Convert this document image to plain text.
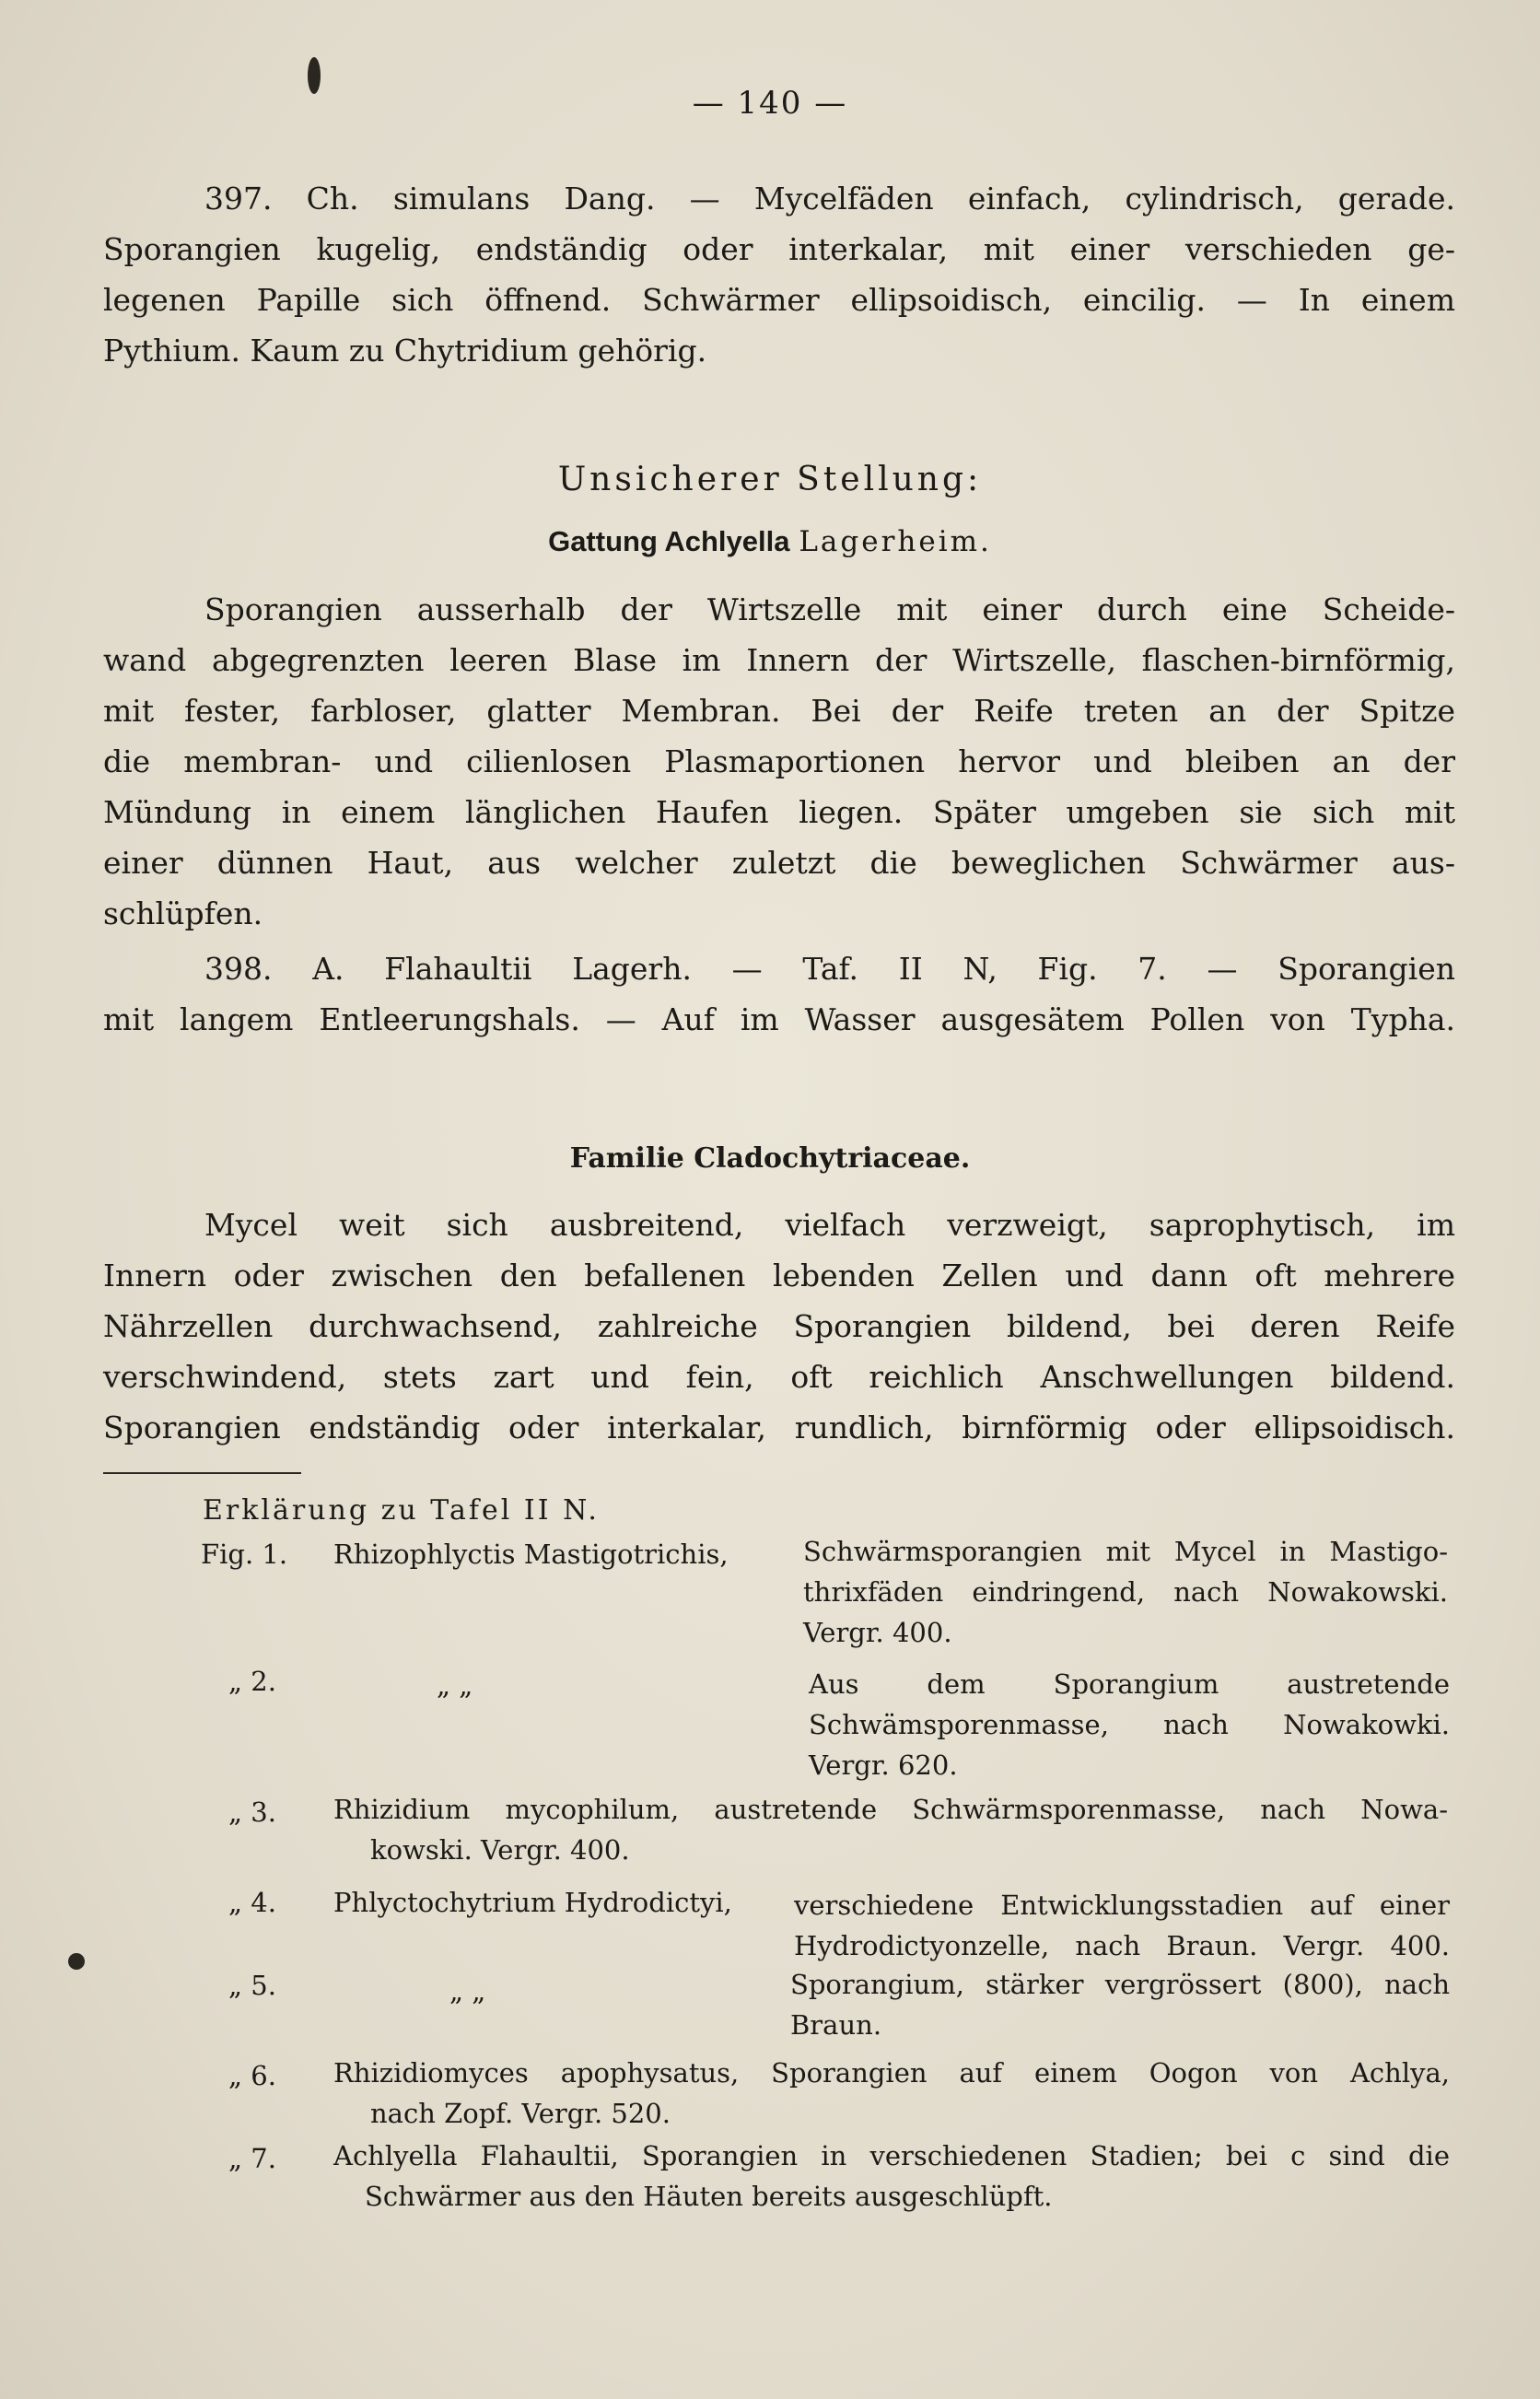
— 140 —
397. Ch. simulans Dang. — Mycelfäden einfach, cylindrisch, gerade.
Sporangien kugelig, endständig oder interkalar, mit einer verschieden ge-
legenen Papille sich öffnend. Schwärmer ellipsoidisch, eincilig. — In einem
Pythium. Kaum zu Chytridium gehörig.
Unsicherer Stellung:
Gattung Achlyella Lagerheim.
Sporangien ausserhalb der Wirtszelle mit einer durch eine Scheide-
wand abgegrenzten leeren Blase im Innern der Wirtszelle, flaschen-birnförmig,
mit fester, farbloser, glatter Membran. Bei der Reife treten an der Spitze
die membran- und cilienlosen Plasmaportionen hervor und bleiben an der
Mündung in einem länglichen Haufen liegen. Später umgeben sie sich mit
einer dünnen Haut, aus welcher zuletzt die beweglichen Schwärmer aus-
schlüpfen.
398. A. Flahaultii Lagerh. — Taf. II N, Fig. 7. — Sporangien
mit langem Entleerungshals. — Auf im Wasser ausgesätem Pollen von Typha.
Familie Cladochytriaceae.
Mycel weit sich ausbreitend, vielfach verzweigt, saprophytisch, im
Innern oder zwischen den befallenen lebenden Zellen und dann oft mehrere
Nährzellen durchwachsend, zahlreiche Sporangien bildend, bei deren Reife
verschwindend, stets zart und fein, oft reichlich Anschwellungen bildend.
Sporangien endständig oder interkalar, rundlich, birnförmig oder ellipsoidisch.
Erklärung zu Tafel II N.
Fig. 1. Rhizophlyctis Mastigotrichis,	Schwärmsporangien mit Mycel in Mastigo-
thrixfäden eindringend, nach Nowakowski.
Vergr. 400.
„ 2.	„ „	Aus dem Sporangium austretende
Schwämsporenmasse, nach Nowakowki.
Vergr. 620.
„ 3. Rhizidium mycophilum, austretende Schwärmsporenmasse, nach Nowa-
kowski. Vergr. 400.
„ 4. Phlyctochytrium Hydrodictyi, verschiedene Entwicklungsstadien auf einer
Hydrodictyonzelle, nach Braun. Vergr. 400.
„ 5.	„ „	Sporangium, stärker vergrössert (800), nach
Braun.
„ 6. Rhizidiomyces apophysatus, Sporangien auf einem Oogon von Achlya,
nach Zopf. Vergr. 520.
„ 7. Achlyella Flahaultii, Sporangien in verschiedenen Stadien; bei c sind die
Schwärmer aus den Häuten bereits ausgeschlüpft.
